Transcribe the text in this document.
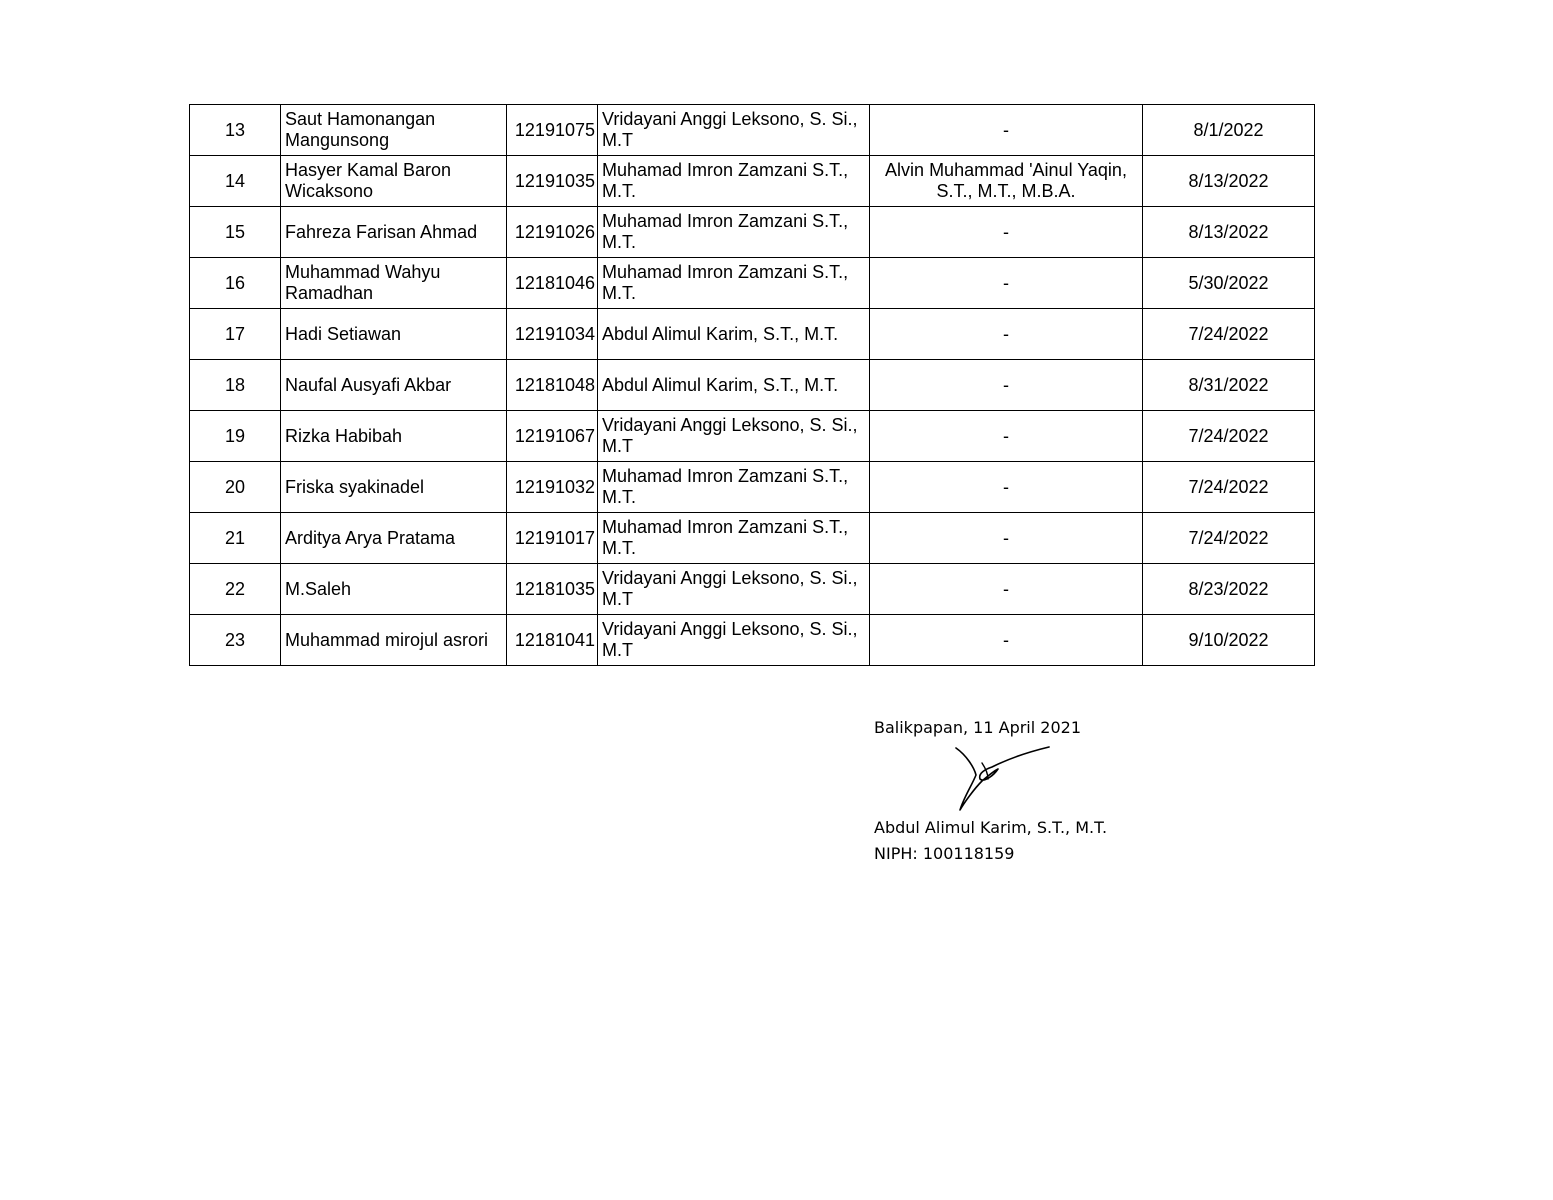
13	Saut Hamonangan Mangunsong	12191075	Vridayani Anggi Leksono, S. Si., M.T	-	8/1/2022
14	Hasyer Kamal Baron Wicaksono	12191035	Muhamad Imron Zamzani S.T., M.T.	Alvin Muhammad 'Ainul Yaqin, S.T., M.T., M.B.A.	8/13/2022
15	Fahreza Farisan Ahmad	12191026	Muhamad Imron Zamzani S.T., M.T.	-	8/13/2022
16	Muhammad Wahyu Ramadhan	12181046	Muhamad Imron Zamzani S.T., M.T.	-	5/30/2022
17	Hadi Setiawan	12191034	Abdul Alimul Karim, S.T., M.T.	-	7/24/2022
18	Naufal Ausyafi Akbar	12181048	Abdul Alimul Karim, S.T., M.T.	-	8/31/2022
19	Rizka Habibah	12191067	Vridayani Anggi Leksono, S. Si., M.T	-	7/24/2022
20	Friska syakinadel	12191032	Muhamad Imron Zamzani S.T., M.T.	-	7/24/2022
21	Arditya Arya Pratama	12191017	Muhamad Imron Zamzani S.T., M.T.	-	7/24/2022
22	M.Saleh	12181035	Vridayani Anggi Leksono, S. Si., M.T	-	8/23/2022
23	Muhammad mirojul asrori	12181041	Vridayani Anggi Leksono, S. Si., M.T	-	9/10/2022
Balikpapan, 11 April 2021
Abdul Alimul Karim, S.T., M.T.
NIPH: 100118159
